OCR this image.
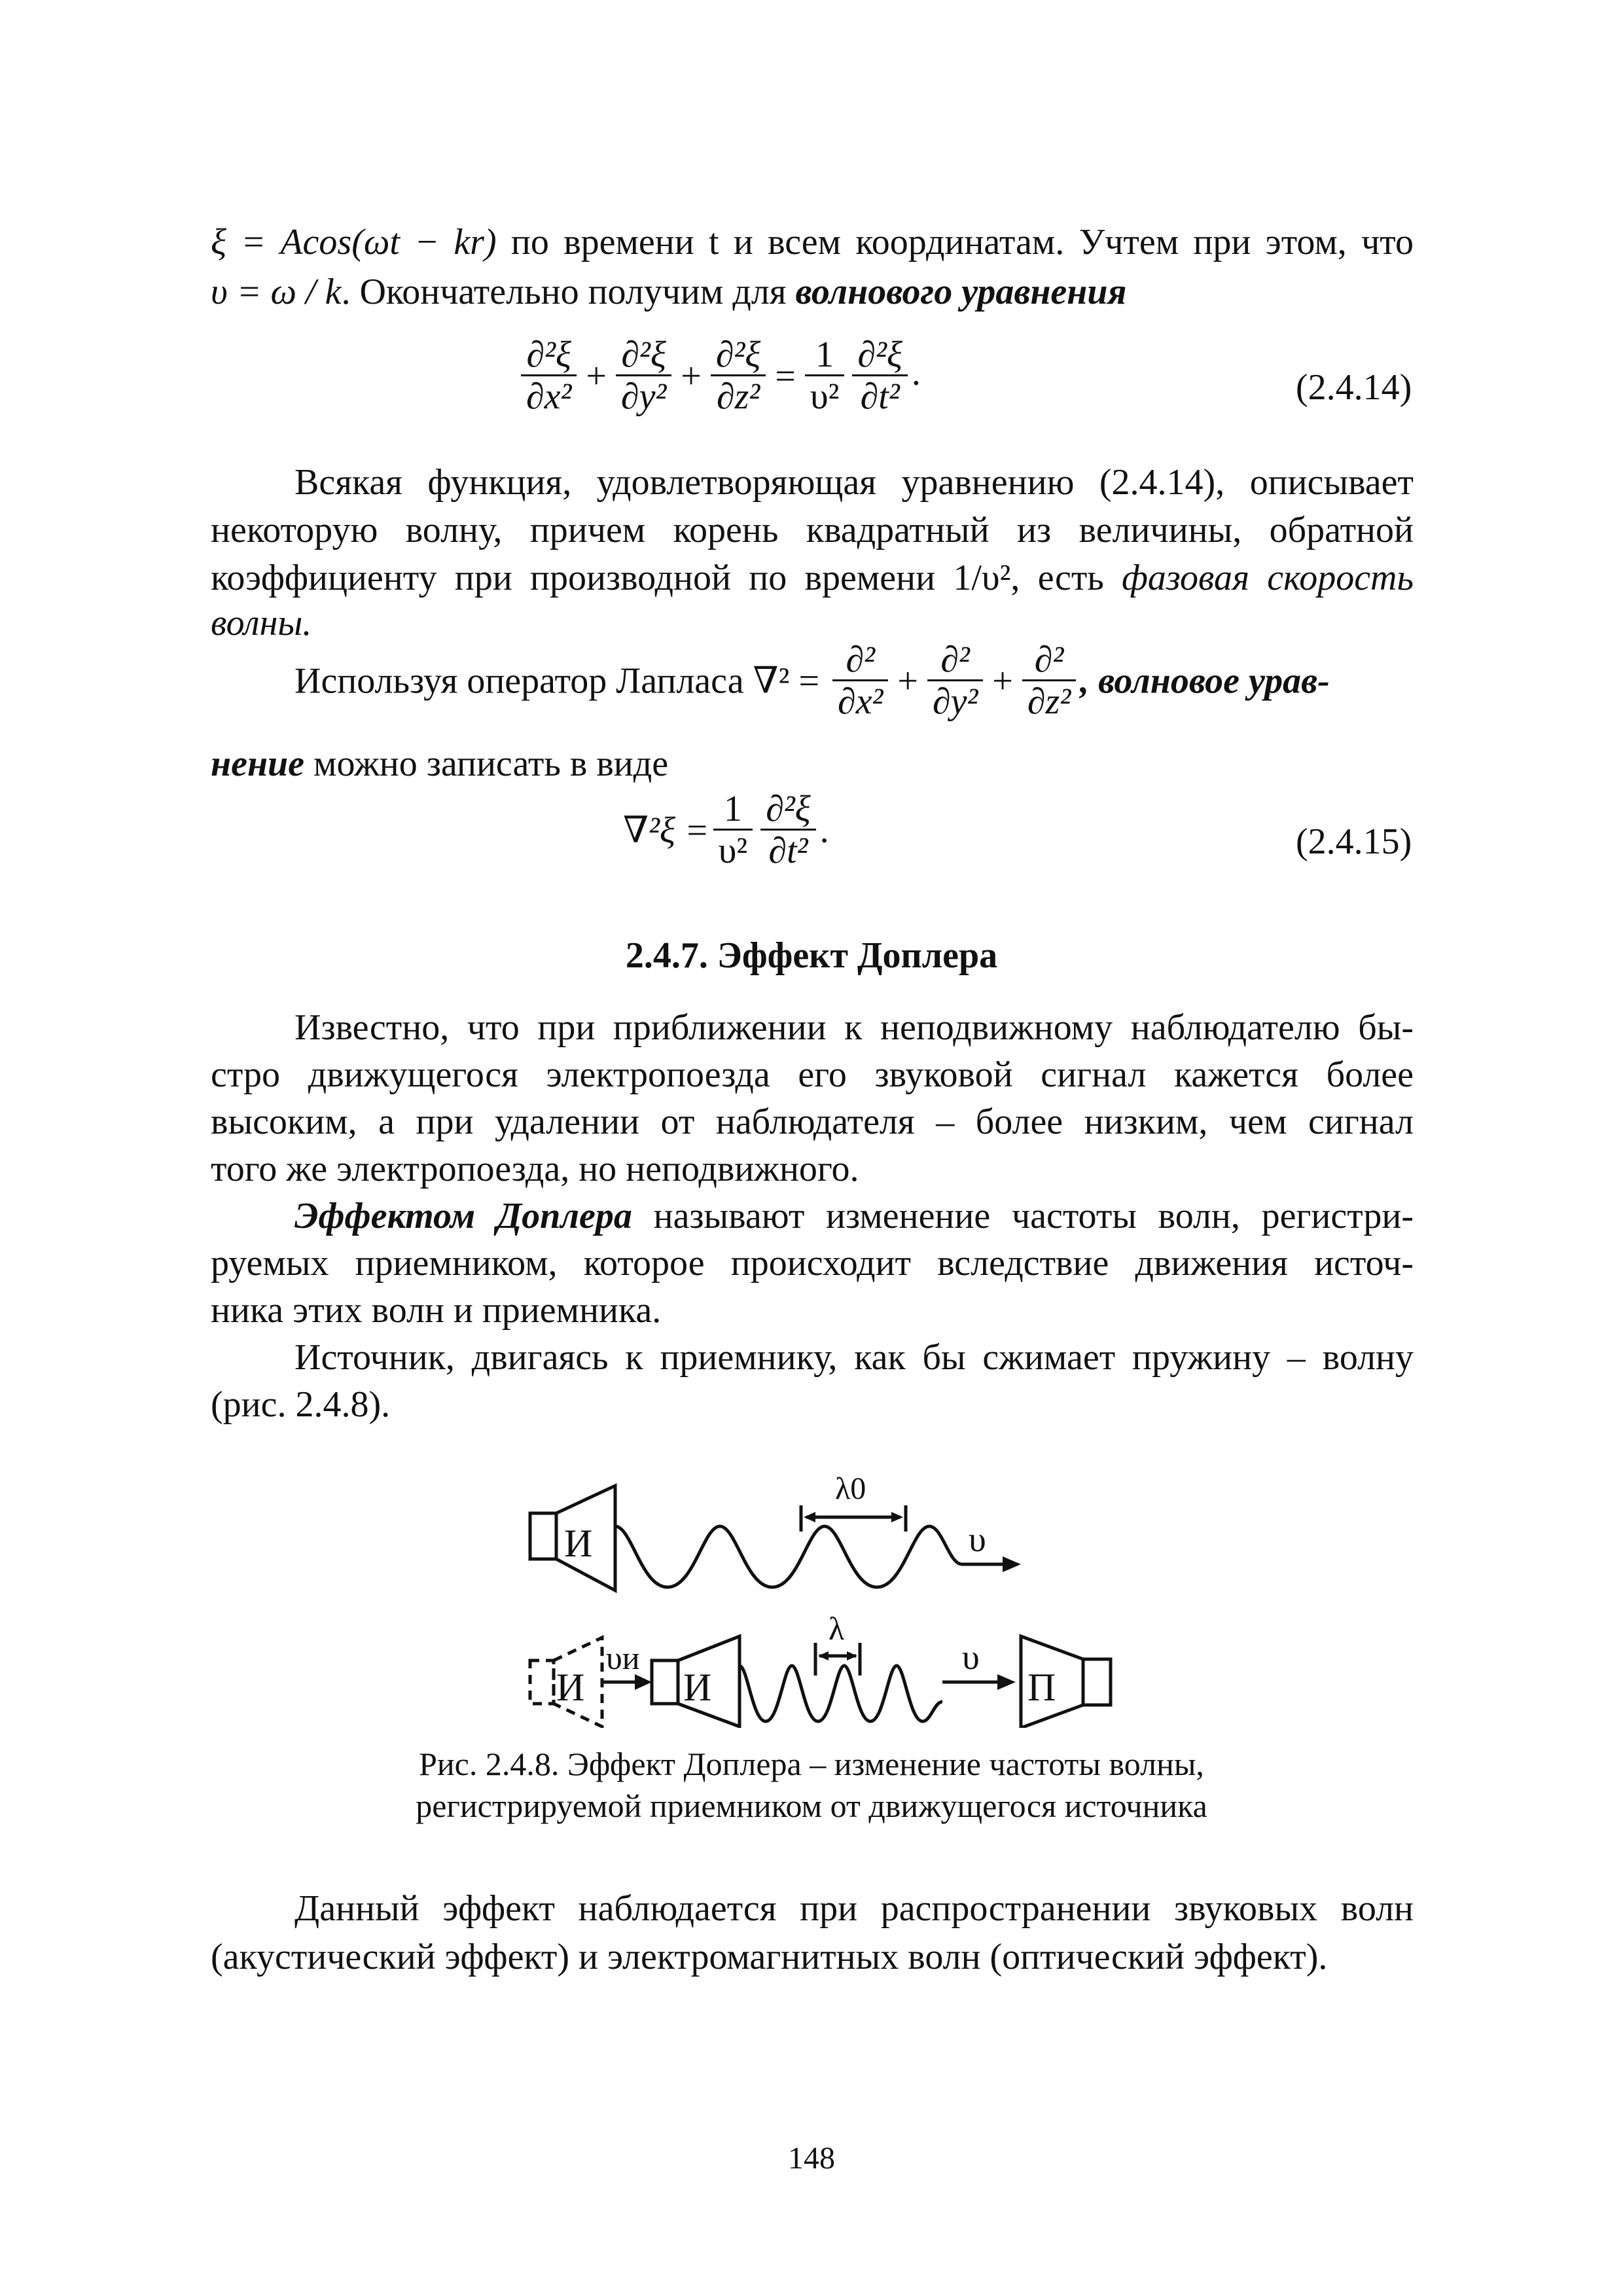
ξ = Acos(ωt − kr) по времени t и всем координатам. Учтем при этом, что
υ = ω / k. Окончательно получим для волнового уравнения
$\frac{\text{∂²ξ}}{\text{∂x²}} + \frac{\text{∂²ξ}}{\text{∂y²}} + \frac{\text{∂²ξ}}{\text{∂z²}} = \frac{1}{\text{υ²}} \frac{\text{∂²ξ}}{\text{∂t²}}$ .	(2.4.14)
Всякая функция, удовлетворяющая уравнению (2.4.14), описывает
некоторую волну, причем корень квадратный из величины, обратной
коэффициенту при производной по времени 1/υ², есть фазовая скорость
волны.
Используя оператор Лапласа $\nabla^2 = \frac{\text{∂²}}{\text{∂x²}} + \frac{\text{∂²}}{\text{∂y²}} + \frac{\text{∂²}}{\text{∂z²}}$ , волновое урав-
нение можно записать в виде
$\nabla^2\xi = \frac{1}{\text{υ²}} \frac{\text{∂²ξ}}{\text{∂t²}}$ .	(2.4.15)
2.4.7. Эффект Доплера
Известно, что при приближении к неподвижному наблюдателю бы-
стро движущегося электропоезда его звуковой сигнал кажется более
высоким, а при удалении от наблюдателя – более низким, чем сигнал
того же электропоезда, но неподвижного.
Эффектом Доплера называют изменение частоты волн, регистри-
руемых приемником, которое происходит вследствие движения источ-
ника этих волн и приемника.
Источник, двигаясь к приемнику, как бы сжимает пружину – волну
(рис. 2.4.8).
И
И	И	П
λ0
λ
υ
υ
υи
Рис. 2.4.8. Эффект Доплера – изменение частоты волны,
регистрируемой приемником от движущегося источника
Данный эффект наблюдается при распространении звуковых волн
(акустический эффект) и электромагнитных волн (оптический эффект).
148
